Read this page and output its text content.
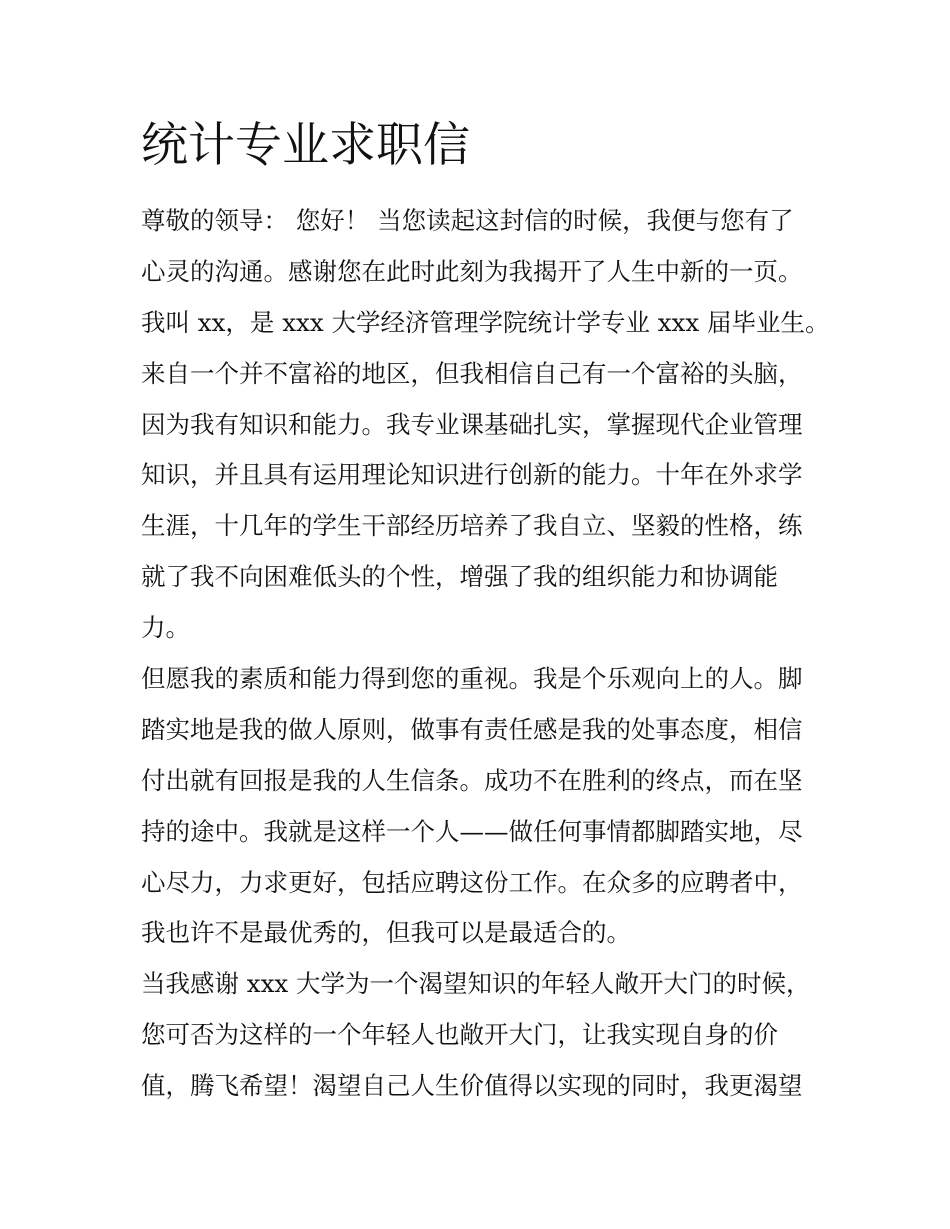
统计专业求职信

尊敬的领导： 您好！ 当您读起这封信的时候，我便与您有了

心灵的沟通。感谢您在此时此刻为我揭开了人生中新的一页。

我叫 xx，是 xxx 大学经济管理学院统计学专业 xxx 届毕业生。

来自一个并不富裕的地区，但我相信自己有一个富裕的头脑，

因为我有知识和能力。我专业课基础扎实，掌握现代企业管理

知识，并且具有运用理论知识进行创新的能力。十年在外求学

生涯，十几年的学生干部经历培养了我自立、坚毅的性格，练

就了我不向困难低头的个性，增强了我的组织能力和协调能

力。

但愿我的素质和能力得到您的重视。我是个乐观向上的人。脚

踏实地是我的做人原则，做事有责任感是我的处事态度，相信

付出就有回报是我的人生信条。成功不在胜利的终点，而在坚

持的途中。我就是这样一个人——做任何事情都脚踏实地，尽

心尽力，力求更好，包括应聘这份工作。在众多的应聘者中，

我也许不是最优秀的，但我可以是最适合的。

当我感谢 xxx 大学为一个渴望知识的年轻人敞开大门的时候，

您可否为这样的一个年轻人也敞开大门，让我实现自身的价

值，腾飞希望！渴望自己人生价值得以实现的同时，我更渴望
